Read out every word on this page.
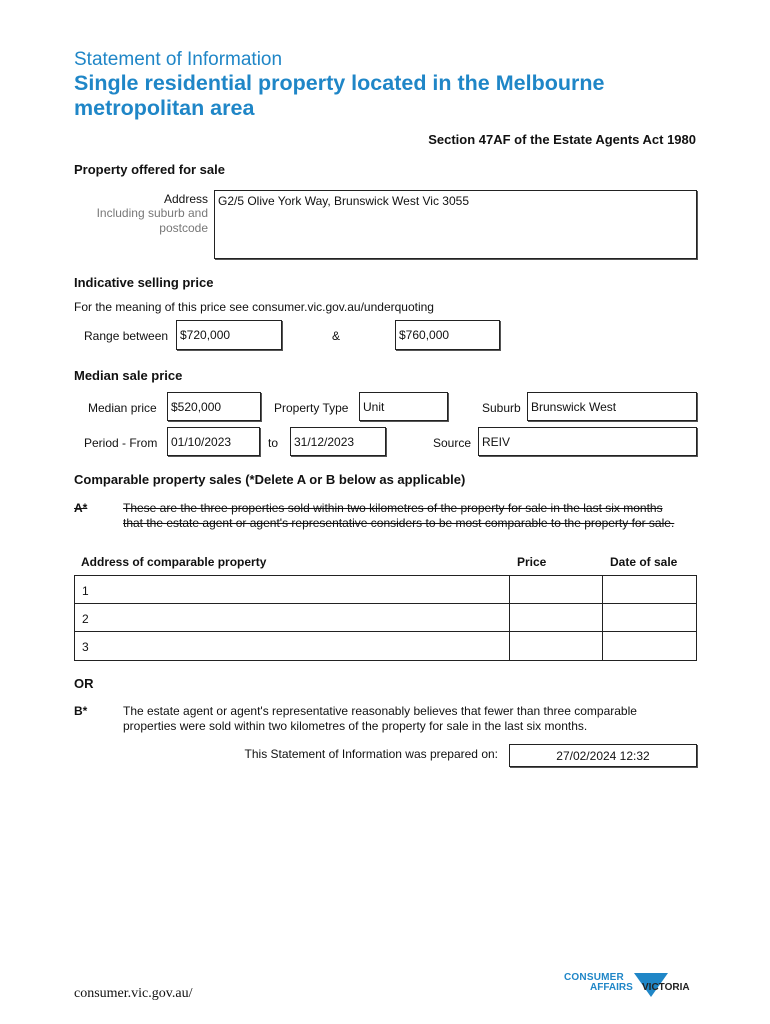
Statement of Information
Single residential property located in the Melbourne metropolitan area
Section 47AF of the Estate Agents Act 1980
Property offered for sale
Address
Including suburb and
postcode
G2/5 Olive York Way, Brunswick West Vic 3055
Indicative selling price
For the meaning of this price see consumer.vic.gov.au/underquoting
Range between $720,000	&	$760,000
Median sale price
Median price	$520,000	Property Type	Unit	Suburb Brunswick West
Period - From	01/10/2023	to	31/12/2023	Source REIV
Comparable property sales (*Delete A or B below as applicable)
A*	These are the three properties sold within two kilometres of the property for sale in the last six months that the estate agent or agent's representative considers to be most comparable to the property for sale.
Address of comparable property	Price	Date of sale
1
2
3
OR
B*	The estate agent or agent's representative reasonably believes that fewer than three comparable properties were sold within two kilometres of the property for sale in the last six months.
This Statement of Information was prepared on:	27/02/2024 12:32
consumer.vic.gov.au/
CONSUMER
AFFAIRS VICTORIA
